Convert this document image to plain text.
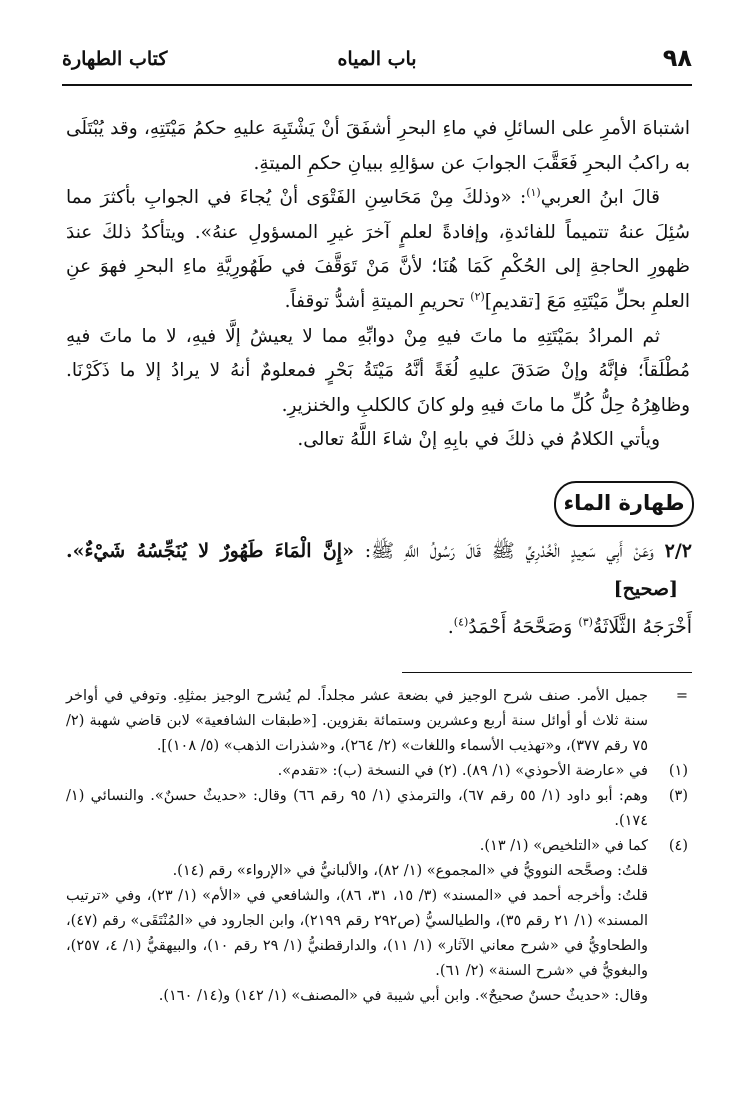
٩٨
باب المياه
كتاب الطهارة

اشتباهَ الأمرِ على السائلِ في ماءِ البحرِ أشفَقَ أنْ يَشْتَبِهَ عليهِ حكمُ مَيْتَتِهِ، وقد يُبْتَلَى به راكبُ البحرِ فَعَقَّبَ الجوابَ عن سؤالِهِ ببيانِ حكمِ الميتةِ.

قالَ ابنُ العربي$^{(١)}$: «وذلكَ مِنْ مَحَاسِنِ الفَتْوَى أنْ يُجاءَ في الجوابِ بأكثرَ مما سُئِلَ عنهُ تتميماً للفائدةِ، وإفادةً لعلمٍ آخرَ غيرِ المسؤولِ عنهُ». ويتأكدُ ذلكَ عندَ ظهورِ الحاجةِ إلى الحُكْمِ كَمَا هُنَا؛ لأنَّ مَنْ تَوَقَّفَ في طَهُورِيَّةِ ماءِ البحرِ فهوَ عنِ العلمِ بحلِّ مَيْتَتِهِ مَعَ [تقديمِ]$^{(٢)}$ تحريمِ الميتةِ أشدُّ توقفاً.

ثم المرادُ بمَيْتَتِهِ ما ماتَ فيهِ مِنْ دوابِّهِ مما لا يعيشُ إلَّا فيهِ، لا ما ماتَ فيهِ مُطْلَقاً؛ فإنَّهُ وإنْ صَدَقَ عليهِ لُغَةً أنَّهُ مَيْتَةُ بَحْرٍ فمعلومٌ أنهُ لا يرادُ إلا ما ذَكَرْنَا. وظاهِرُهُ حِلُّ كُلِّ ما ماتَ فيهِ ولو كانَ كالكلبِ والخنزيرِ.

ويأتي الكلامُ في ذلكَ في بابِهِ إنْ شاءَ اللَّهُ تعالى.

طهارة الماء

٢/٢ وَعَنْ أَبِي سَعِيدٍ الْخُدْرِيِّ ﷺ قَالَ رَسُولُ اللَّهِ ﷺ: «إِنَّ الْمَاءَ طَهُورٌ لا يُنَجِّسُهُ شَيْءٌ». [صحيح]

أَخْرَجَهُ الثَّلَاثَةُ$^{(٣)}$ وَصَحَّحَهُ أَحْمَدُ$^{(٤)}$.

=
جميل الأمر. صنف شرح الوجيز في بضعة عشر مجلداً. لم يُشرح الوجيز بمثلِهِ. وتوفي في أواخر سنة ثلاث أو أوائل سنة أربع وعشرين وستمائة بقزوين. [«طبقات الشافعية» لابن قاضي شهبة (٢/ ٧٥ رقم ٣٧٧)، و«تهذيب الأسماء واللغات» (٢/ ٢٦٤)، و«شذرات الذهب» (٥/ ١٠٨)].
(١)
في «عارضة الأحوذي» (١/ ٨٩). (٢) في النسخة (ب): «تقدم».
(٣)
وهم: أبو داود (١/ ٥٥ رقم ٦٧)، والترمذي (١/ ٩٥ رقم ٦٦) وقال: «حديثٌ حسنٌ». والنسائي (١/ ١٧٤).
(٤)
كما في «التلخيص» (١/ ١٣).
قلتُ: وصحَّحه النوويُّ في «المجموع» (١/ ٨٢)، والألبانيُّ في «الإرواء» رقم (١٤).
قلتُ: وأخرجه أحمد في «المسند» (٣/ ١٥، ٣١، ٨٦)، والشافعي في «الأم» (١/ ٢٣)، وفي «ترتيب المسند» (١/ ٢١ رقم ٣٥)، والطيالسيُّ (ص٢٩٢ رقم ٢١٩٩)، وابن الجارود في «المُنْتَقَى» رقم (٤٧)، والطحاويُّ في «شرح معاني الآثار» (١/ ١١)، والدارقطنيُّ (١/ ٢٩ رقم ١٠)، والبيهقيُّ (١/ ٤، ٢٥٧)، والبغويُّ في «شرح السنة» (٢/ ٦١).
وقال: «حديثٌ حسنٌ صحيحٌ». وابن أبي شيبة في «المصنف» (١/ ١٤٢) و(١٤/ ١٦٠).
